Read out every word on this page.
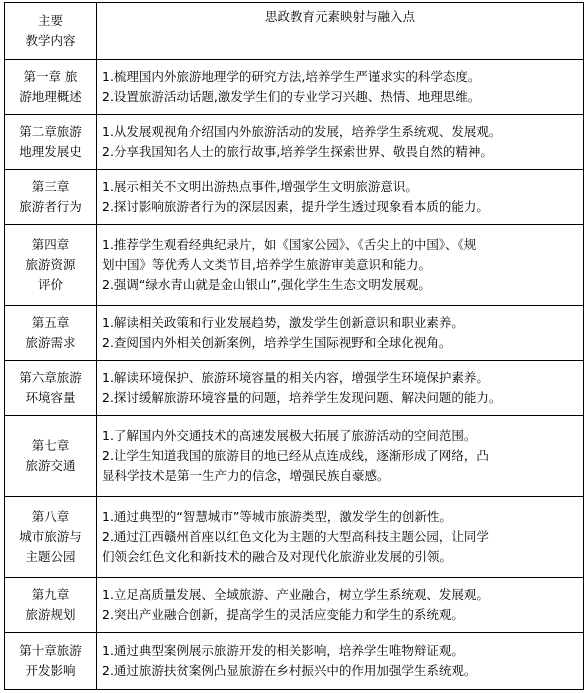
主要
教学内容	思政教育元素映射与融入点

第一章 旅
游地理概述	1.梳理国内外旅游地理学的研究方法,培养学生严谨求实的科学态度。
2.设置旅游活动话题,激发学生们的专业学习兴趣、热情、地理思维。

第二章旅游
地理发展史	1.从发展观视角介绍国内外旅游活动的发展，培养学生系统观、发展观。
2.分享我国知名人士的旅行故事,培养学生探索世界、敬畏自然的精神。

第三章
旅游者行为	1.展示相关不文明出游热点事件,增强学生文明旅游意识。
2.探讨影响旅游者行为的深层因素，提升学生透过现象看本质的能力。

第四章
旅游资源
评价	1.推荐学生观看经典纪录片，如《国家公园》、《舌尖上的中国》、《规
划中国》等优秀人文类节目,培养学生旅游审美意识和能力。
2.强调“绿水青山就是金山银山”,强化学生生态文明发展观。

第五章
旅游需求	1.解读相关政策和行业发展趋势，激发学生创新意识和职业素养。
2.查阅国内外相关创新案例，培养学生国际视野和全球化视角。

第六章旅游
环境容量	1.解读环境保护、旅游环境容量的相关内容，增强学生环境保护素养。
2.探讨缓解旅游环境容量的问题，培养学生发现问题、解决问题的能力。

第七章
旅游交通	1.了解国内外交通技术的高速发展极大拓展了旅游活动的空间范围。
2.让学生知道我国的旅游目的地已经从点连成线，逐渐形成了网络，凸
显科学技术是第一生产力的信念，增强民族自豪感。

第八章
城市旅游与
主题公园	1.通过典型的“智慧城市”等城市旅游类型，激发学生的创新性。
2.通过江西赣州首座以红色文化为主题的大型高科技主题公园，让同学
们领会红色文化和新技术的融合及对现代化旅游业发展的引领。

第九章
旅游规划	1.立足高质量发展、全域旅游、产业融合，树立学生系统观、发展观。
2.突出产业融合创新，提高学生的灵活应变能力和学生的系统观。

第十章旅游
开发影响	1.通过典型案例展示旅游开发的相关影响，培养学生唯物辩证观。
2.通过旅游扶贫案例凸显旅游在乡村振兴中的作用加强学生系统观。
